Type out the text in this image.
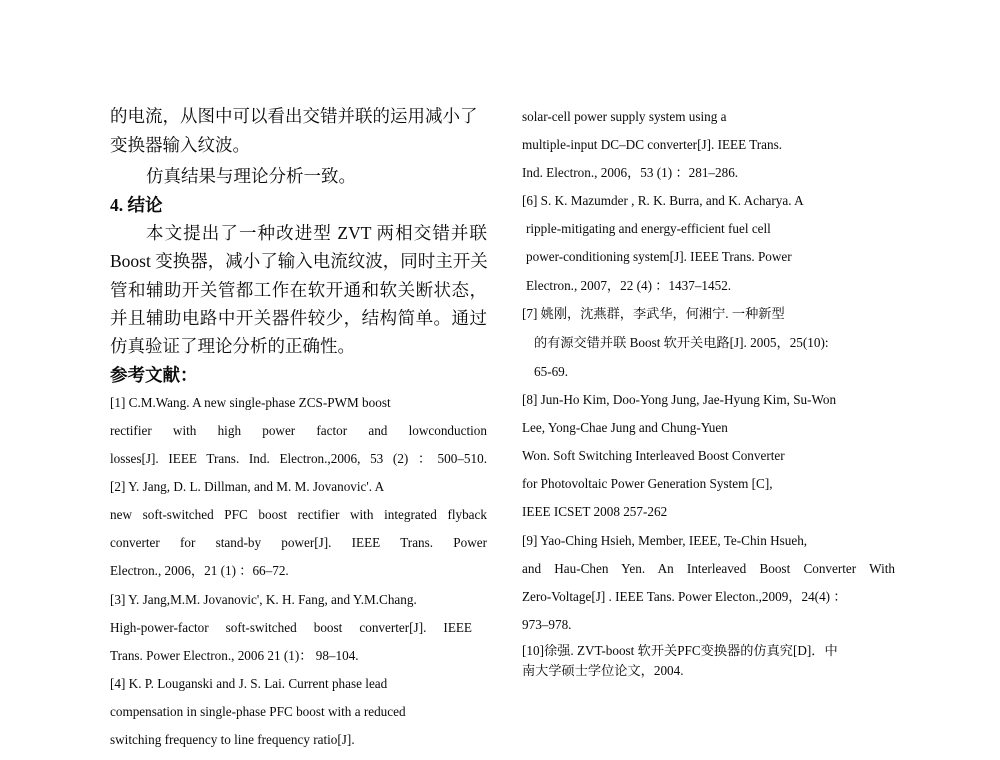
的电流，从图中可以看出交错并联的运用减小了
变换器输入纹波。
仿真结果与理论分析一致。
4. 结论
本文提出了一种改进型 ZVT 两相交错并联
Boost 变换器，减小了输入电流纹波，同时主开关
管和辅助开关管都工作在软开通和软关断状态，
并且辅助电路中开关器件较少，结构简单。通过
仿真验证了理论分析的正确性。
参考文献：
[1] C.M.Wang. A new single-phase ZCS-PWM boost
rectifier with high power factor and lowconduction
losses[J]. IEEE Trans. Ind. Electron.,2006, 53 (2) ：500–510.
[2] Y. Jang, D. L. Dillman, and M. M. Jovanovic'. A
new soft-switched PFC boost rectifier with integrated flyback
converter for stand-by power[J]. IEEE Trans. Power
Electron., 2006，21 (1) ：66–72.
[3] Y. Jang,M.M. Jovanovic', K. H. Fang, and Y.M.Chang.
High-power-factor soft-switched boost converter[J]. IEEE
Trans. Power Electron., 2006 21 (1)： 98–104.
[4] K. P. Louganski and J. S. Lai. Current phase lead
compensation in single-phase PFC boost with a reduced
switching frequency to line frequency ratio[J].
solar-cell power supply system using a
multiple-input DC–DC converter[J]. IEEE Trans.
Ind. Electron., 2006，53 (1) ：281–286.
[6] S. K. Mazumder , R. K. Burra, and K. Acharya. A
ripple-mitigating and energy-efficient fuel cell
power-conditioning system[J]. IEEE Trans. Power
Electron., 2007，22 (4) ：1437–1452.
[7] 姚刚，沈燕群，李武华，何湘宁. 一种新型
的有源交错并联 Boost 软开关电路[J]. 2005，25(10):
65-69.
[8] Jun-Ho Kim, Doo-Yong Jung, Jae-Hyung Kim, Su-Won
Lee, Yong-Chae Jung and Chung-Yuen
Won. Soft Switching Interleaved Boost Converter
for Photovoltaic Power Generation System [C],
IEEE ICSET 2008 257-262
[9] Yao-Ching Hsieh, Member, IEEE, Te-Chin Hsueh,
and Hau-Chen Yen. An Interleaved Boost Converter With
Zero-Voltage[J] . IEEE Tans. Power Electon.,2009，24(4) ：
973–978.
[10]徐强. ZVT-boost 软开关PFC变换器的仿真究[D]．中
南大学硕士学位论文，2004.
